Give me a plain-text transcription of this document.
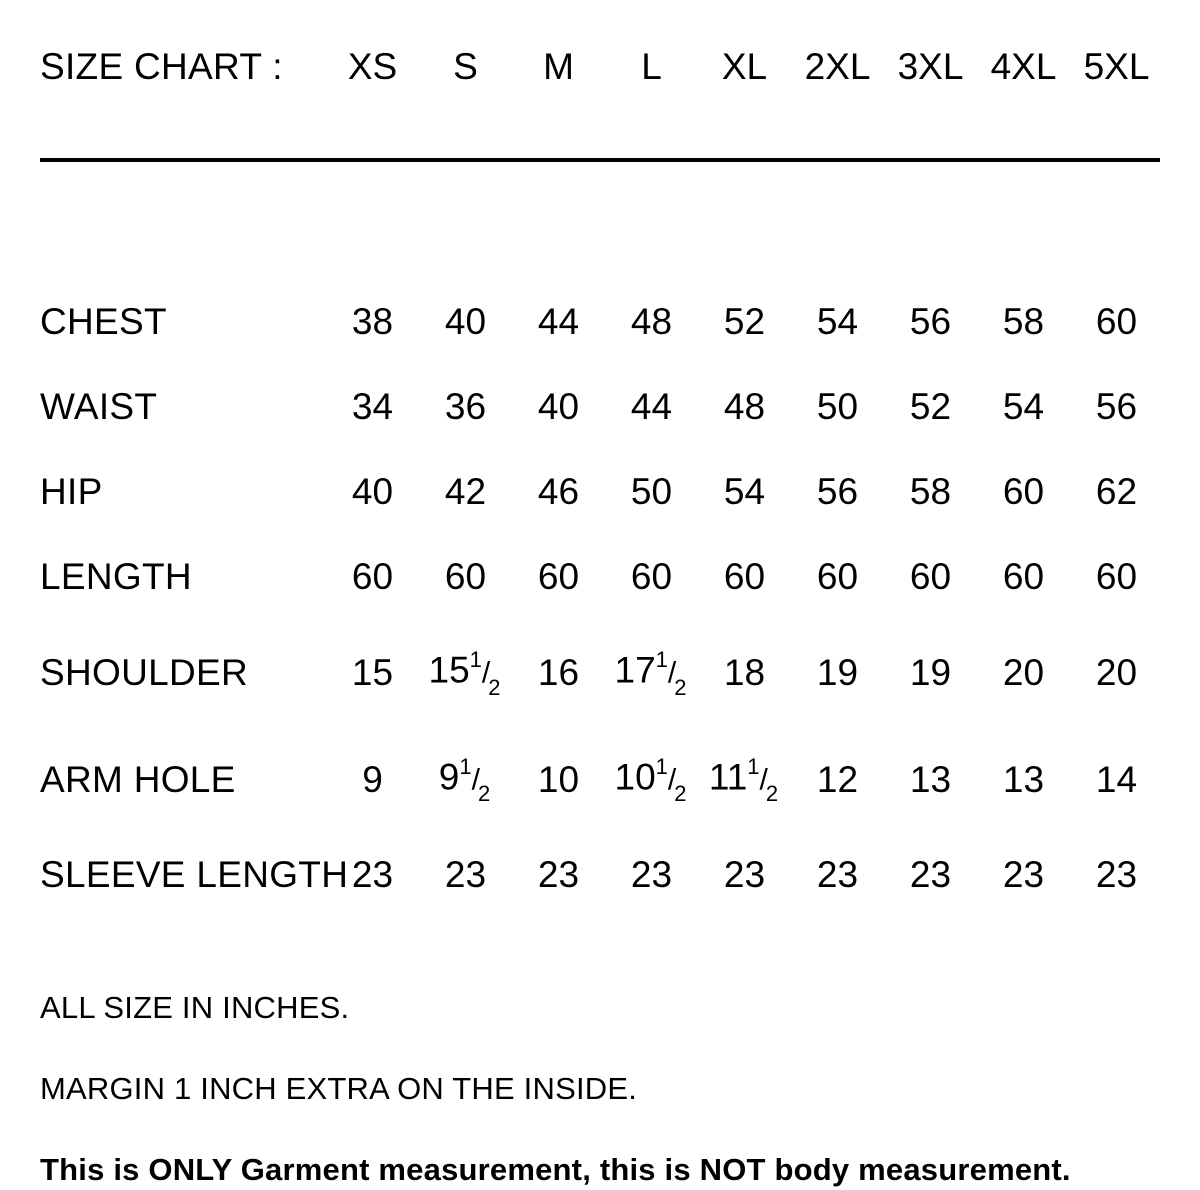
SIZE CHART :	XS	S	M	L	XL	2XL	3XL	4XL	5XL

CHEST	38	40	44	48	52	54	56	58	60
WAIST	34	36	40	44	48	50	52	54	56
HIP	40	42	46	50	54	56	58	60	62
LENGTH	60	60	60	60	60	60	60	60	60
SHOULDER	15	$15^1/_2$	16	$17^1/_2$	18	19	19	20	20
ARM HOLE	9	$9^1/_2$	10	$10^1/_2$	$11^1/_2$	12	13	13	14
SLEEVE LENGTH	23	23	23	23	23	23	23	23	23
ALL SIZE IN INCHES.
MARGIN 1 INCH EXTRA ON THE INSIDE.
This is ONLY Garment measurement, this is NOT body measurement.
